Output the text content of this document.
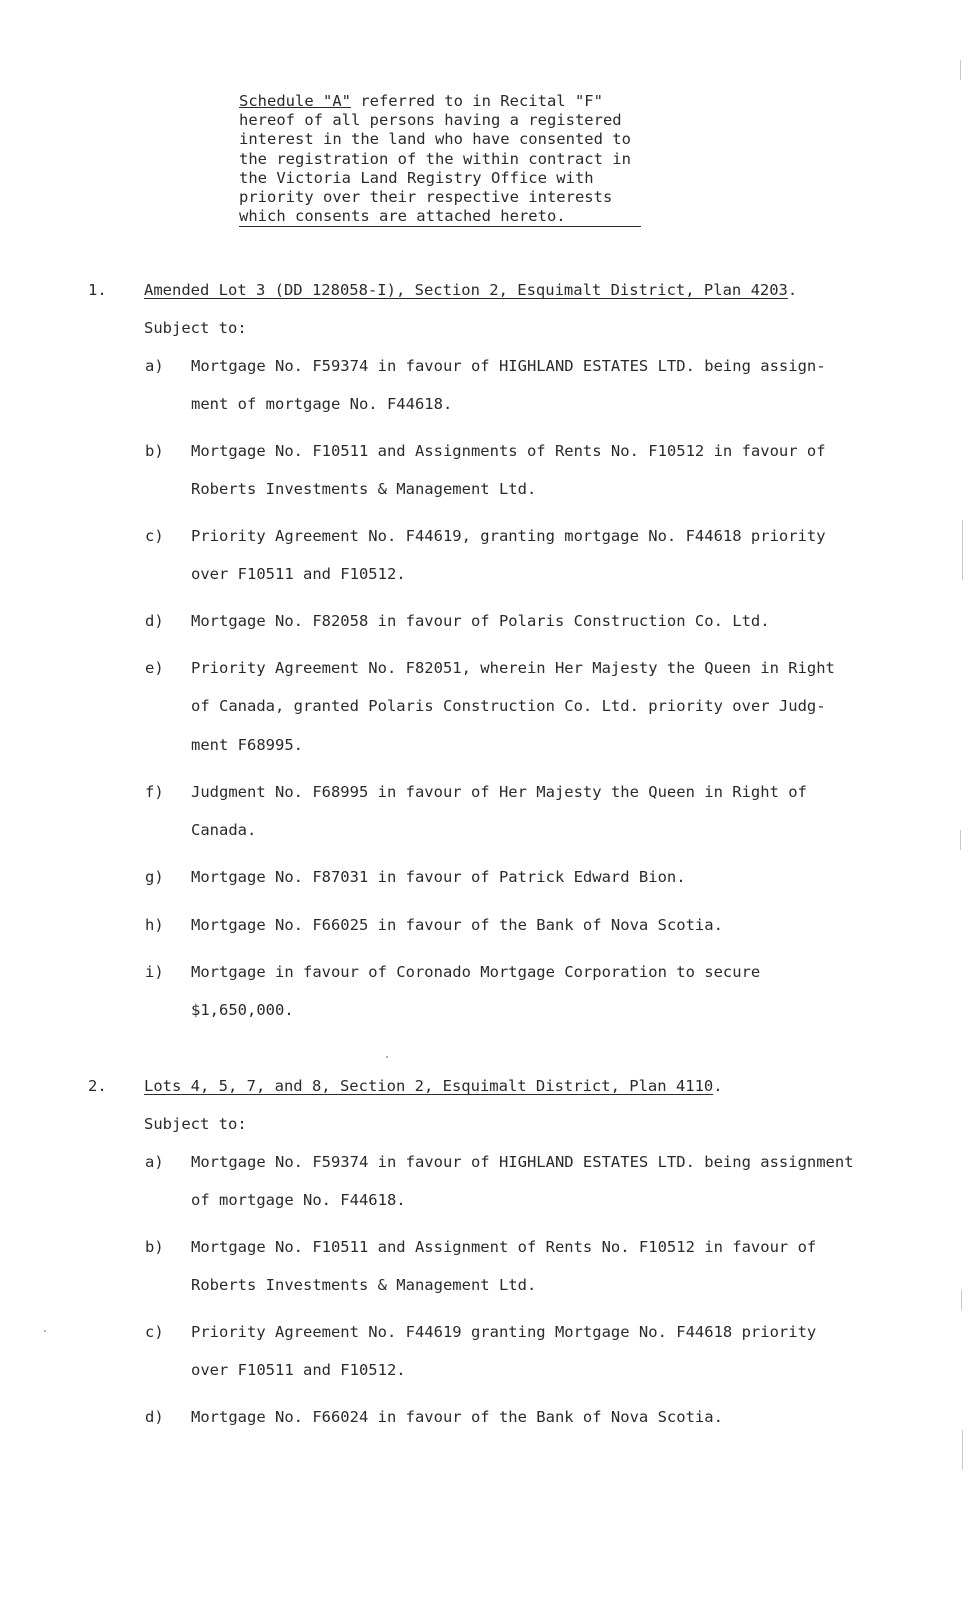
Schedule "A" referred to in Recital "F"
hereof of all persons having a registered
interest in the land who have consented to
the registration of the within contract in
the Victoria Land Registry Office with
priority over their respective interests
which consents are attached hereto.
1. Amended Lot 3 (DD 128058-I), Section 2, Esquimalt District, Plan 4203.
Subject to:
a) Mortgage No. F59374 in favour of HIGHLAND ESTATES LTD. being assign-
ment of mortgage No. F44618.
b) Mortgage No. F10511 and Assignments of Rents No. F10512 in favour of
Roberts Investments & Management Ltd.
c) Priority Agreement No. F44619, granting mortgage No. F44618 priority
over F10511 and F10512.
d) Mortgage No. F82058 in favour of Polaris Construction Co. Ltd.
e) Priority Agreement No. F82051, wherein Her Majesty the Queen in Right
of Canada, granted Polaris Construction Co. Ltd. priority over Judg-
ment F68995.
f) Judgment No. F68995 in favour of Her Majesty the Queen in Right of
Canada.
g) Mortgage No. F87031 in favour of Patrick Edward Bion.
h) Mortgage No. F66025 in favour of the Bank of Nova Scotia.
i) Mortgage in favour of Coronado Mortgage Corporation to secure
$1,650,000.
2. Lots 4, 5, 7, and 8, Section 2, Esquimalt District, Plan 4110.
Subject to:
a) Mortgage No. F59374 in favour of HIGHLAND ESTATES LTD. being assignment
of mortgage No. F44618.
b) Mortgage No. F10511 and Assignment of Rents No. F10512 in favour of
Roberts Investments & Management Ltd.
c) Priority Agreement No. F44619 granting Mortgage No. F44618 priority
over F10511 and F10512.
d) Mortgage No. F66024 in favour of the Bank of Nova Scotia.
